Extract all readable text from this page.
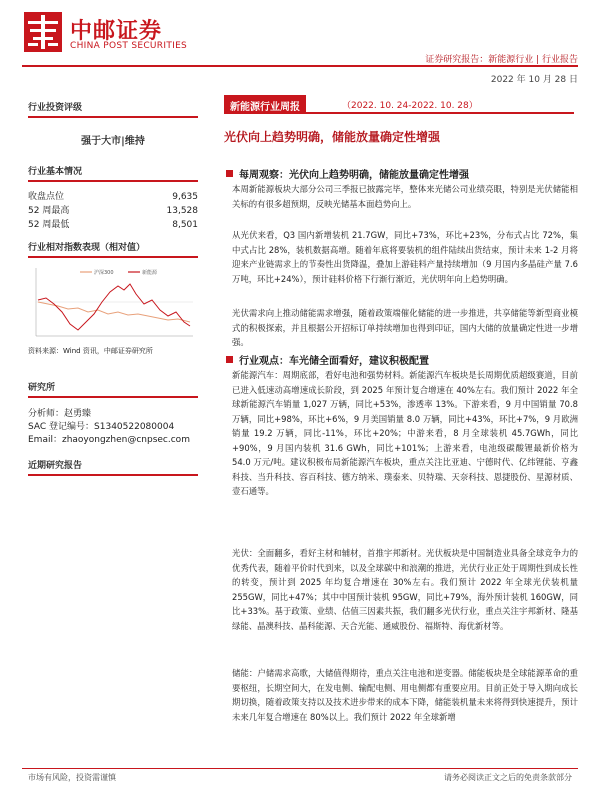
中邮证券
CHINA POST SECURITIES
证券研究报告：新能源行业 | 行业报告
2022 年 10 月 28 日
行业投资评级
强于大市|维持
行业基本情况
收盘点位	9,635
52 周最高	13,528
52 周最低	8,501
行业相对指数表现（相对值）
沪深300	新能源
资料来源：Wind 资讯，中邮证券研究所
研究所
分析师：赵勇臻
SAC 登记编号：S1340522080004
Email：zhaoyongzhen@cnpsec.com
近期研究报告
新能源行业周报	（2022. 10. 24-2022. 10. 28）
光伏向上趋势明确，储能放量确定性增强
每周观察：光伏向上趋势明确，储能放量确定性增强
本周新能源板块大部分公司三季报已披露完毕，整体来光储公司业绩亮眼，特别是光伏储能相关标的有很多超预期，反映光储基本面趋势向上。
从光伏来看，Q3 国内新增装机 21.7GW，同比+73%，环比+23%，分布式占比 72%，集中式占比 28%，装机数据高增。随着年底将要装机的组件陆续出货结束，预计未来 1-2 月将迎来产业链需求上的节奏性出货降温，叠加上游硅料产量持续增加（9 月国内多晶硅产量 7.6 万吨，环比+24%），预计硅料价格下行渐行渐近，光伏明年向上趋势明确。
光伏需求向上推动储能需求增强，随着政策端催化储能的进一步推进，共享储能等新型商业模式的积极探索，并且根据公开招标订单持续增加也得到印证，国内大储的放量确定性进一步增强。
行业观点：车光储全面看好，建议积极配置
新能源汽车：周期底部，看好电池和强势材料。新能源汽车板块是长周期优质超级赛道，目前已进入低速动高增速成长阶段，到 2025 年预计复合增速在 40%左右。我们预计 2022 年全球新能源汽车销量 1,027 万辆，同比+53%，渗透率 13%。下游来看，9 月中国销量 70.8 万辆，同比+98%，环比+6%，9 月美国销量 8.0 万辆，同比+43%，环比+7%，9 月欧洲销量 19.2 万辆，同比-11%，环比+20%；中游来看，8 月全球装机 45.7GWh，同比+90%，9 月国内装机 31.6 GWh，同比+101%；上游来看，电池级碳酸锂最新价格为 54.0 万元/吨。建议积极布局新能源汽车板块，重点关注比亚迪、宁德时代、亿纬锂能、亨鑫科技、当升科技、容百科技、德方纳米、璞泰来、贝特瑞、天奈科技、恩捷股份、星源材质、壹石通等。
光伏：全面翻多，看好主材和辅材，首推宇邦新材。光伏板块是中国制造业具备全球竞争力的优秀代表，随着平价时代到来，以及全球碳中和浪潮的推进，光伏行业正处于周期性到成长性的转变，预计到 2025 年均复合增速在 30%左右。我们预计 2022 年全球光伏装机量 255GW，同比+47%；其中中国预计装机 95GW，同比+79%，海外预计装机 160GW，同比+33%。基于政策、业绩、估值三因素共振，我们翻多光伏行业，重点关注宇邦新材、隆基绿能、晶澳科技、晶科能源、天合光能、通威股份、福斯特、海优新材等。
储能：户储需求高歌，大储值得期待，重点关注电池和逆变器。储能板块是全球能源革命的重要枢纽，长期空间大，在发电侧、输配电侧、用电侧都有重要应用。目前正处于导入期向成长期切换，随着政策支持以及技术进步带来的成本下降，储能装机量未来将得到快速提升，预计未来几年复合增速在 80%以上。我们预计 2022 年全球新增
市场有风险，投资需谨慎	请务必阅读正文之后的免责条款部分
